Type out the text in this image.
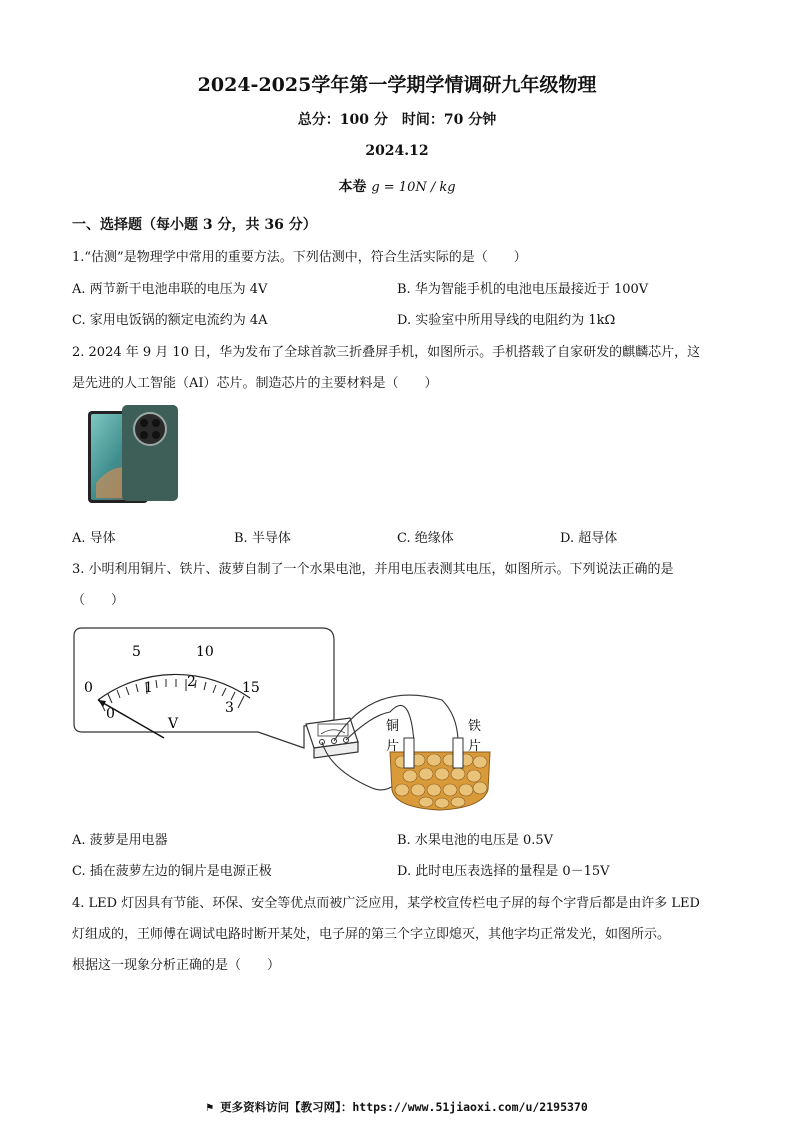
2024-2025学年第一学期学情调研九年级物理
总分：100 分　时间：70 分钟
2024.12
本卷 g = 10N / kg
一、选择题（每小题 3 分，共 36 分）
1.“估测”是物理学中常用的重要方法。下列估测中，符合生活实际的是（　　）
A. 两节新干电池串联的电压为 4V	B. 华为智能手机的电池电压最接近于 100V
C. 家用电饭锅的额定电流约为 4A	D. 实验室中所用导线的电阻约为 1kΩ
2. 2024 年 9 月 10 日，华为发布了全球首款三折叠屏手机，如图所示。手机搭载了自家研发的麒麟芯片，这
是先进的人工智能（AI）芯片。制造芯片的主要材料是（　　）
A. 导体	B. 半导体	C. 绝缘体	D. 超导体
3. 小明利用铜片、铁片、菠萝自制了一个水果电池，并用电压表测其电压，如图所示。下列说法正确的是
（　　）
0
5	10
15
0
1 2
3
V	铜
片
铁
片
A. 菠萝是用电器	B. 水果电池的电压是 0.5V
C. 插在菠萝左边的铜片是电源正极	D. 此时电压表选择的量程是 0－15V
4. LED 灯因具有节能、环保、安全等优点而被广泛应用，某学校宣传栏电子屏的每个字背后都是由许多 LED
灯组成的，王师傅在调试电路时断开某处，电子屏的第三个字立即熄灭，其他字均正常发光，如图所示。
根据这一现象分析正确的是（　　）
⚑ 更多资料访问【教习网】：https://www.51jiaoxi.com/u/2195370
